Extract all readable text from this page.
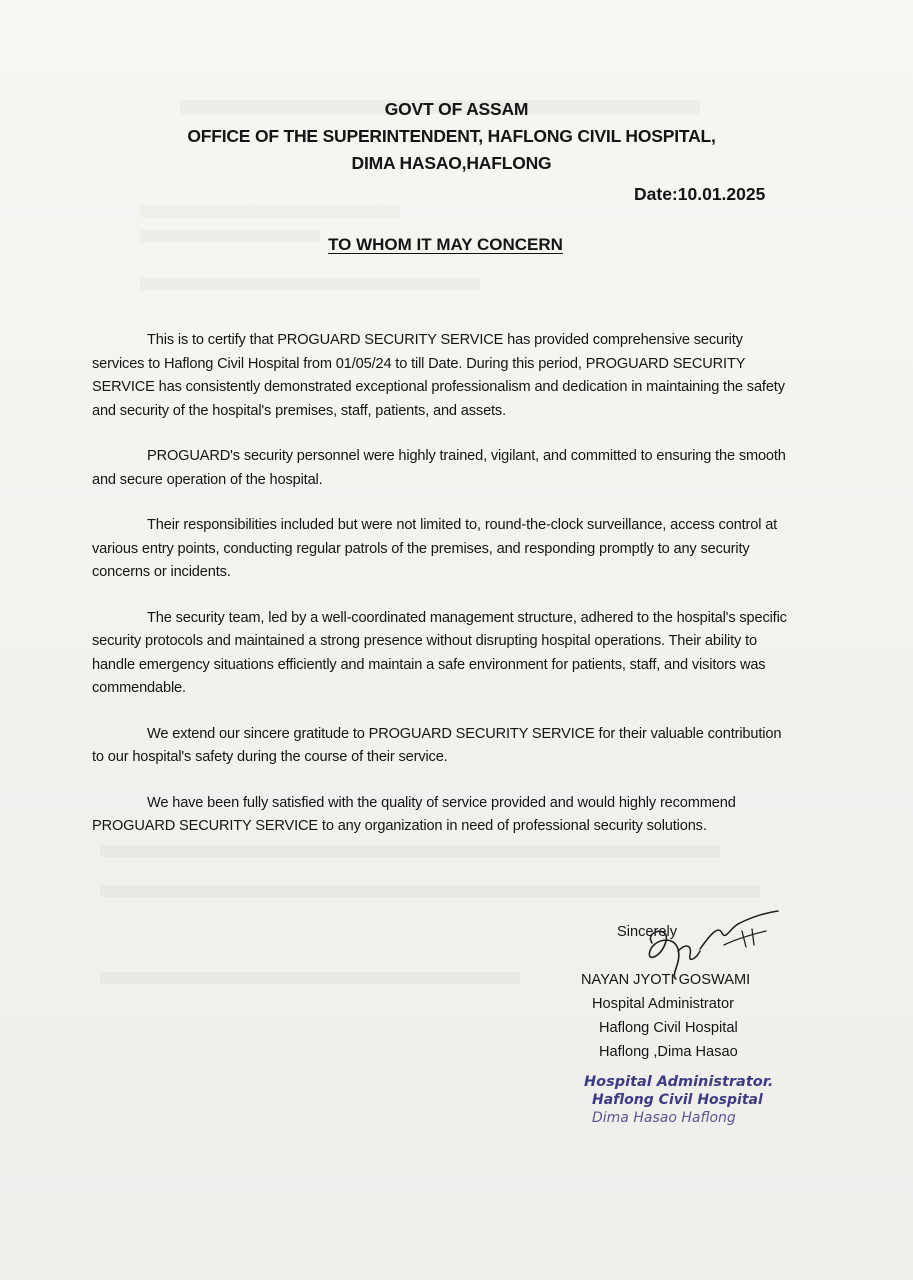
GOVT OF ASSAM
OFFICE OF THE SUPERINTENDENT, HAFLONG CIVIL HOSPITAL,
DIMA HASAO,HAFLONG
Date:10.01.2025
TO WHOM IT MAY CONCERN

This is to certify that PROGUARD SECURITY SERVICE has provided comprehensive security services to Haflong Civil Hospital from 01/05/24 to till Date. During this period, PROGUARD SECURITY SERVICE has consistently demonstrated exceptional professionalism and dedication in maintaining the safety and security of the hospital's premises, staff, patients, and assets.

PROGUARD's security personnel were highly trained, vigilant, and committed to ensuring the smooth and secure operation of the hospital.

Their responsibilities included but were not limited to, round-the-clock surveillance, access control at various entry points, conducting regular patrols of the premises, and responding promptly to any security concerns or incidents.

The security team, led by a well-coordinated management structure, adhered to the hospital's specific security protocols and maintained a strong presence without disrupting hospital operations. Their ability to handle emergency situations efficiently and maintain a safe environment for patients, staff, and visitors was commendable.

We extend our sincere gratitude to PROGUARD SECURITY SERVICE for their valuable contribution to our hospital's safety during the course of their service.

We have been fully satisfied with the quality of service provided and would highly recommend PROGUARD SECURITY SERVICE to any organization in need of professional security solutions.

Sincerely
NAYAN JYOTI GOSWAMI
Hospital Administrator
Haflong Civil Hospital
Haflong ,Dima Hasao
Hospital Administrator.
Haflong Civil Hospital
Dima Hasao Haflong
